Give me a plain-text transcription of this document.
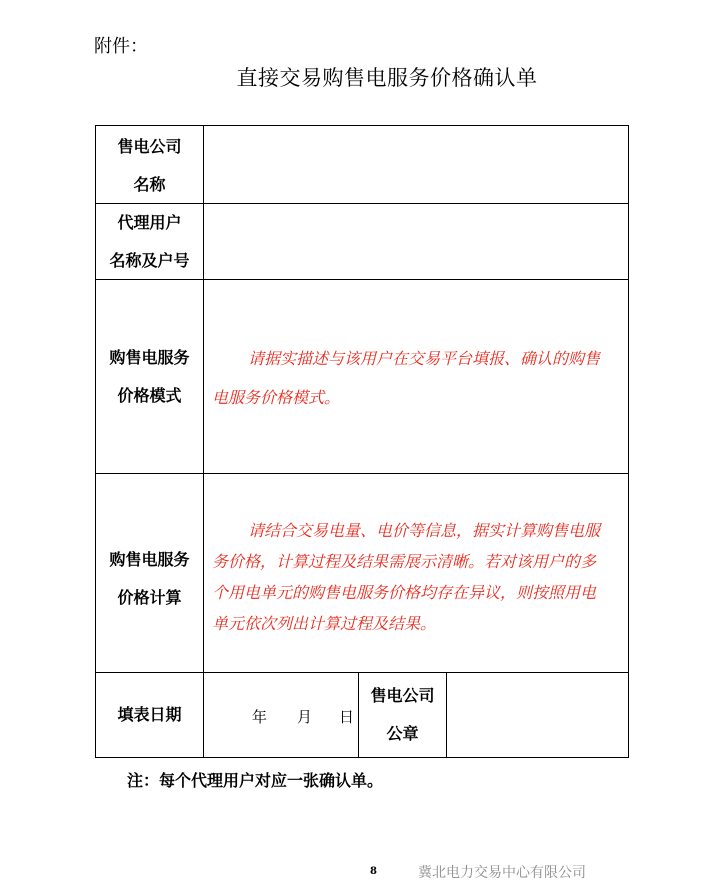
附件：
直接交易购售电服务价格确认单
售电公司
名称
代理用户
名称及户号
购售电服务
价格模式
请据实描述与该用户在交易平台填报、确认的购售
电服务价格模式。
购售电服务
价格计算
请结合交易电量、电价等信息，据实计算购售电服
务价格，计算过程及结果需展示清晰。若对该用户的多
个用电单元的购售电服务价格均存在异议，则按照用电
单元依次列出计算过程及结果。
填表日期	年 月 日
售电公司
公章
注：每个代理用户对应一张确认单。
8	冀北电力交易中心有限公司
